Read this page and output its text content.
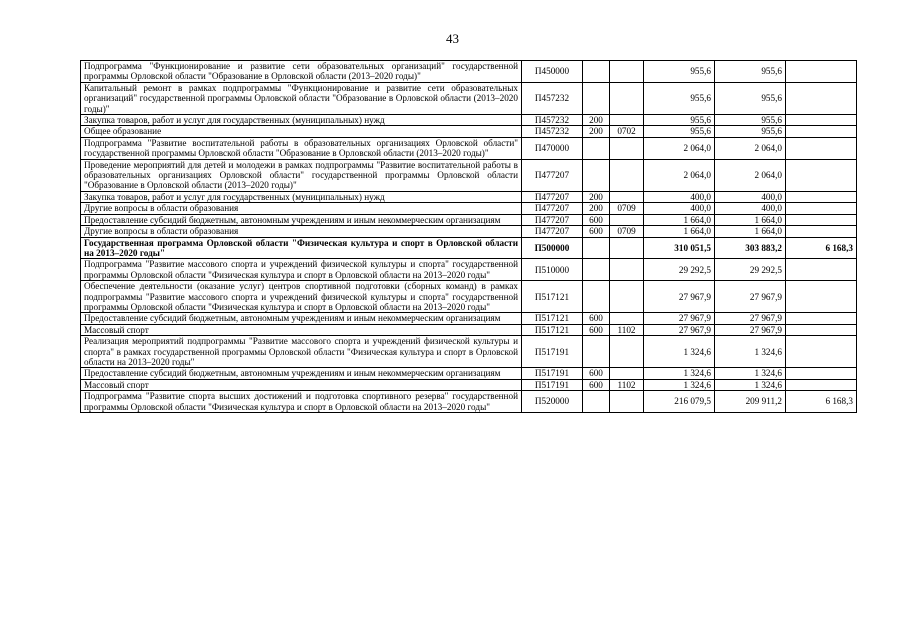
43
Подпрограмма "Функционирование и развитие сети образовательных организаций" государственной программы Орловской области "Образование в Орловской области (2013–2020 годы)"	П450000			955,6	955,6	
Капитальный ремонт в рамках подпрограммы "Функционирование и развитие сети образовательных организаций" государственной программы Орловской области "Образование в Орловской области (2013–2020 годы)"	П457232			955,6	955,6	
Закупка товаров, работ и услуг для государственных (муниципальных) нужд	П457232	200		955,6	955,6	
Общее образование	П457232	200	0702	955,6	955,6	
Подпрограмма "Развитие воспитательной работы в образовательных организациях Орловской области" государственной программы Орловской области "Образование в Орловской области (2013–2020 годы)"	П470000			2 064,0	2 064,0	
Проведение мероприятий для детей и молодежи в рамках подпрограммы "Развитие воспитательной работы в образовательных организациях Орловской области" государственной программы Орловской области "Образование в Орловской области (2013–2020 годы)"	П477207			2 064,0	2 064,0	
Закупка товаров, работ и услуг для государственных (муниципальных) нужд	П477207	200		400,0	400,0	
Другие вопросы в области образования	П477207	200	0709	400,0	400,0	
Предоставление субсидий бюджетным, автономным учреждениям и иным некоммерческим организациям	П477207	600		1 664,0	1 664,0	
Другие вопросы в области образования	П477207	600	0709	1 664,0	1 664,0	
Государственная программа Орловской области "Физическая культура и спорт в Орловской области на 2013–2020 годы"	П500000			310 051,5	303 883,2	6 168,3
Подпрограмма "Развитие массового спорта и учреждений физической культуры и спорта" государственной программы Орловской области "Физическая культура и спорт в Орловской области на 2013–2020 годы"	П510000			29 292,5	29 292,5	
Обеспечение деятельности (оказание услуг) центров спортивной подготовки (сборных команд) в рамках подпрограммы "Развитие массового спорта и учреждений физической культуры и спорта" государственной программы Орловской области "Физическая культура и спорт в Орловской области на 2013–2020 годы"	П517121			27 967,9	27 967,9	
Предоставление субсидий бюджетным, автономным учреждениям и иным некоммерческим организациям	П517121	600		27 967,9	27 967,9	
Массовый спорт	П517121	600	1102	27 967,9	27 967,9	
Реализация мероприятий подпрограммы "Развитие массового спорта и учреждений физической культуры и спорта" в рамках государственной программы Орловской области "Физическая культура и спорт в Орловской области на 2013–2020 годы"	П517191			1 324,6	1 324,6	
Предоставление субсидий бюджетным, автономным учреждениям и иным некоммерческим организациям	П517191	600		1 324,6	1 324,6	
Массовый спорт	П517191	600	1102	1 324,6	1 324,6	
Подпрограмма "Развитие спорта высших достижений и подготовка спортивного резерва" государственной программы Орловской области "Физическая культура и спорт в Орловской области на 2013–2020 годы"	П520000			216 079,5	209 911,2	6 168,3
